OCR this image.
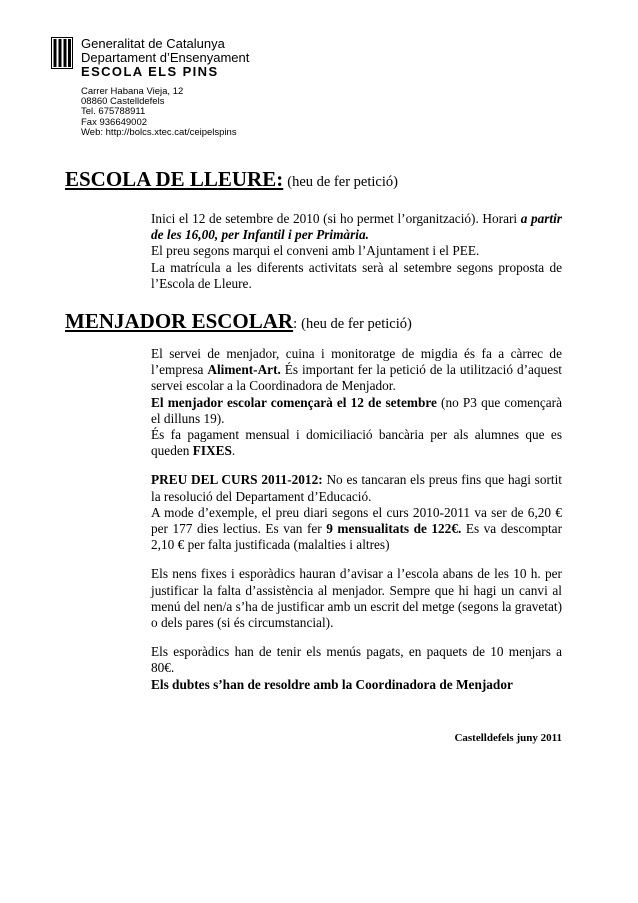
Generalitat de Catalunya
Departament d’Ensenyament
ESCOLA ELS PINS
Carrer Habana Vieja, 12
08860 Castelldefels
Tel. 675788911
Fax 936649002
Web: http://bolcs.xtec.cat/ceipelspins
ESCOLA DE LLEURE: (heu de fer petició)

Inici el 12 de setembre de 2010 (si ho permet l’organització). Horari a partir de les 16,00, per Infantil i per Primària.

El preu segons marqui el conveni amb l’Ajuntament i el PEE.

La matrícula a les diferents activitats serà al setembre segons proposta de l’Escola de Lleure.

MENJADOR ESCOLAR: (heu de fer petició)

El servei de menjador, cuina i monitoratge de migdia és fa a càrrec de l’empresa Aliment-Art. És important fer la petició de la utilització d’aquest servei escolar a la Coordinadora de Menjador.

El menjador escolar començarà el 12 de setembre (no P3 que començarà el dilluns 19).

És fa pagament mensual i domiciliació bancària per als alumnes que es queden FIXES.

PREU DEL CURS 2011-2012: No es tancaran els preus fins que hagi sortit la resolució del Departament d’Educació.

A mode d’exemple, el preu diari segons el curs 2010-2011 va ser de 6,20 € per 177 dies lectius. Es van fer 9 mensualitats de 122€. Es va descomptar 2,10 € per falta justificada (malalties i altres)

Els nens fixes i esporàdics hauran d’avisar a l’escola abans de les 10 h. per justificar la falta d’assistència al menjador. Sempre que hi hagi un canvi al menú del nen/a s’ha de justificar amb un escrit del metge (segons la gravetat) o dels pares (si és circumstancial).

Els esporàdics han de tenir els menús pagats, en paquets de 10 menjars a 80€.

Els dubtes s’han de resoldre amb la Coordinadora de Menjador

Castelldefels juny 2011
